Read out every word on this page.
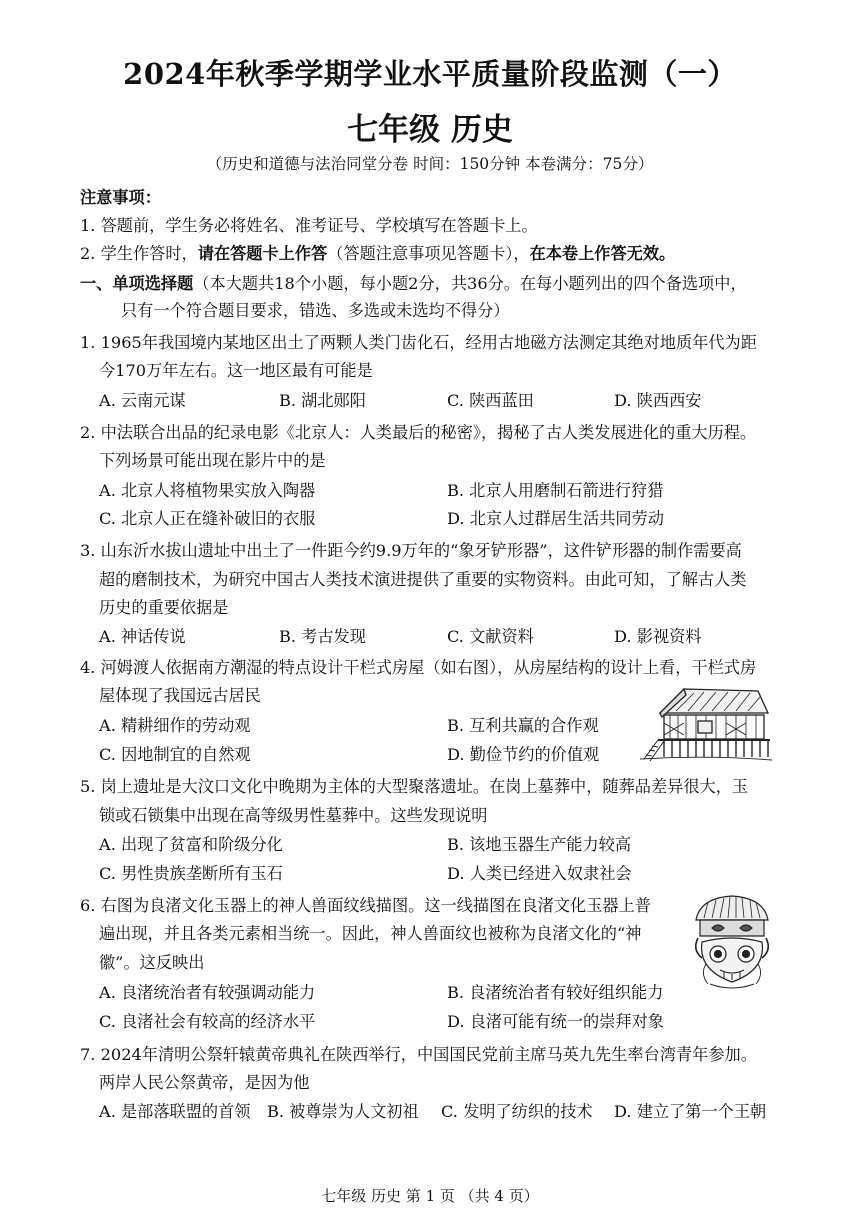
2024年秋季学期学业水平质量阶段监测（一）
七年级 历史
（历史和道德与法治同堂分卷 时间：150分钟 本卷满分：75分）
注意事项：
1. 答题前，学生务必将姓名、准考证号、学校填写在答题卡上。
2. 学生作答时，请在答题卡上作答（答题注意事项见答题卡），在本卷上作答无效。
一、单项选择题（本大题共18个小题，每小题2分，共36分。在每小题列出的四个备选项中，
只有一个符合题目要求，错选、多选或未选均不得分）
1. 1965年我国境内某地区出土了两颗人类门齿化石，经用古地磁方法测定其绝对地质年代为距
今170万年左右。这一地区最有可能是
A. 云南元谋	B. 湖北郧阳	C. 陕西蓝田	D. 陕西西安
2. 中法联合出品的纪录电影《北京人：人类最后的秘密》，揭秘了古人类发展进化的重大历程。
下列场景可能出现在影片中的是
A. 北京人将植物果实放入陶器	B. 北京人用磨制石箭进行狩猎
C. 北京人正在缝补破旧的衣服	D. 北京人过群居生活共同劳动
3. 山东沂水拔山遗址中出土了一件距今约9.9万年的“象牙铲形器”，这件铲形器的制作需要高
超的磨制技术，为研究中国古人类技术演进提供了重要的实物资料。由此可知，了解古人类
历史的重要依据是
A. 神话传说	B. 考古发现	C. 文献资料	D. 影视资料
4. 河姆渡人依据南方潮湿的特点设计干栏式房屋（如右图），从房屋结构的设计上看，干栏式房
屋体现了我国远古居民
A. 精耕细作的劳动观	B. 互利共赢的合作观
C. 因地制宜的自然观	D. 勤俭节约的价值观
5. 岗上遗址是大汶口文化中晚期为主体的大型聚落遗址。在岗上墓葬中，随葬品差异很大，玉
锁或石锁集中出现在高等级男性墓葬中。这些发现说明
A. 出现了贫富和阶级分化	B. 该地玉器生产能力较高
C. 男性贵族垄断所有玉石	D. 人类已经进入奴隶社会
6. 右图为良渚文化玉器上的神人兽面纹线描图。这一线描图在良渚文化玉器上普
遍出现，并且各类元素相当统一。因此，神人兽面纹也被称为良渚文化的“神
徽”。这反映出
A. 良渚统治者有较强调动能力	B. 良渚统治者有较好组织能力
C. 良渚社会有较高的经济水平	D. 良渚可能有统一的崇拜对象
7. 2024年清明公祭轩辕黄帝典礼在陕西举行，中国国民党前主席马英九先生率台湾青年参加。
两岸人民公祭黄帝，是因为他
A. 是部落联盟的首领 B. 被尊崇为人文初祖 C. 发明了纺织的技术 D. 建立了第一个王朝
七年级 历史 第 1 页 （共 4 页）
